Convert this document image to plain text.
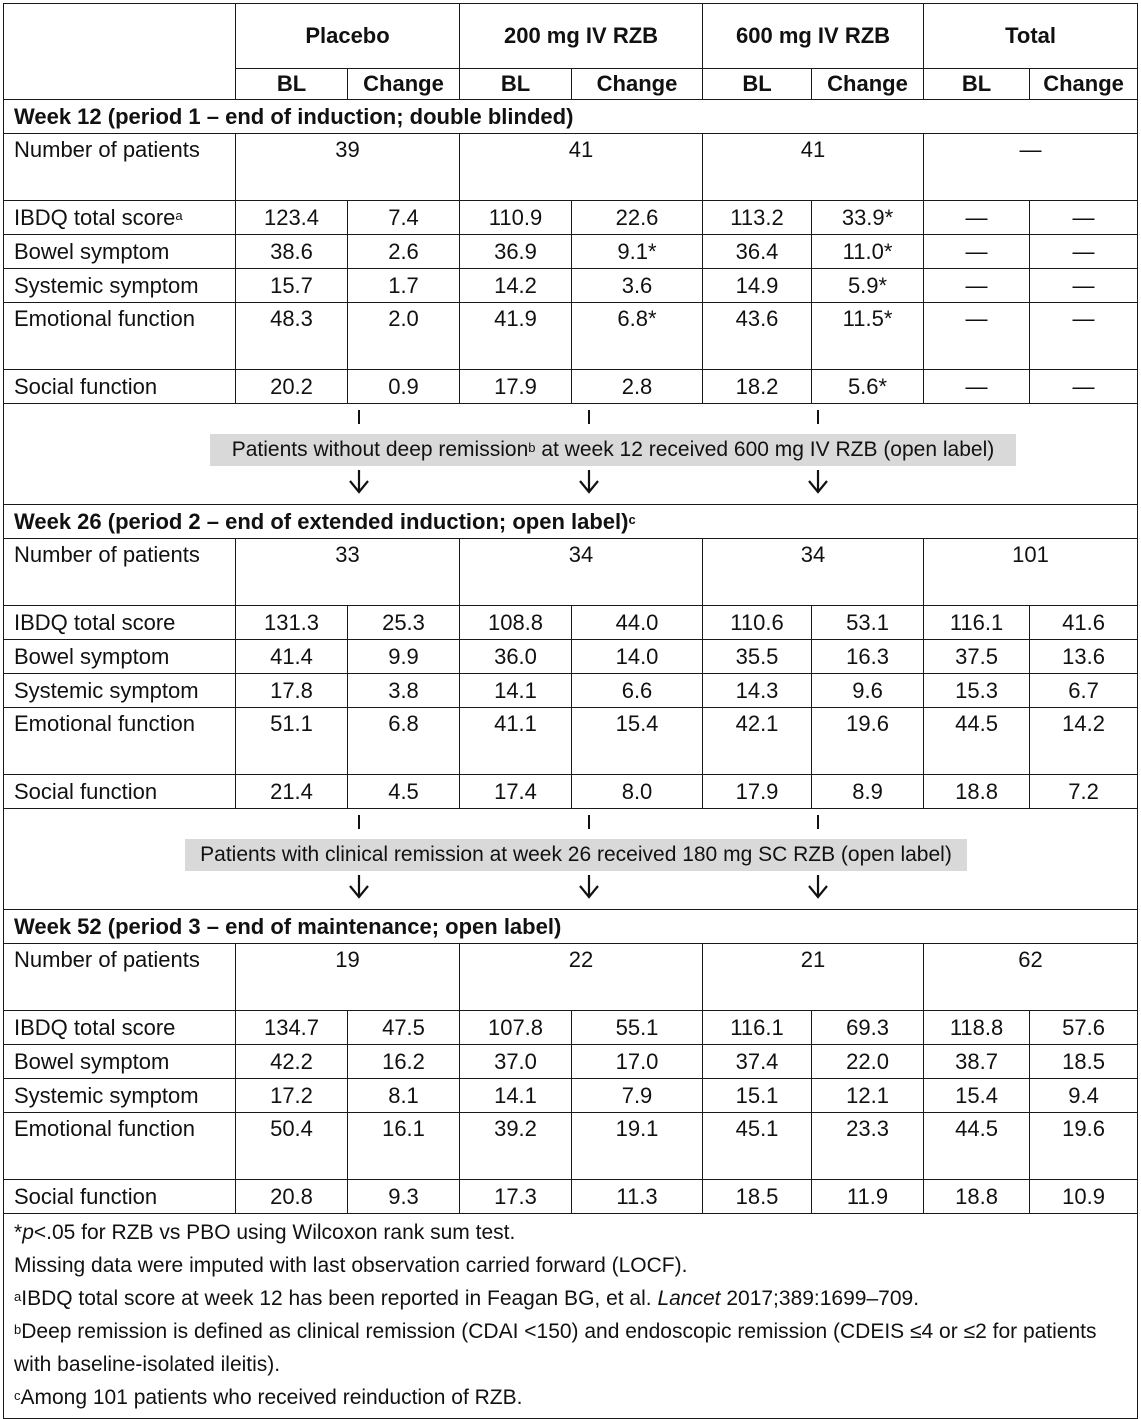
	Placebo		200 mg IV RZB		600 mg IV RZB		Total	
	BL	Change	BL	Change	BL	Change	BL	Change
Week 12 (period 1 – end of induction; double blinded)								
Number of patients	39		41		41		—	
IBDQ total score$^a$	123.4	7.4	110.9	22.6	113.2	33.9*	—	—
Bowel symptom	38.6	2.6	36.9	9.1*	36.4	11.0*	—	—
Systemic symptom	15.7	1.7	14.2	3.6	14.9	5.9*	—	—
Emotional function	48.3	2.0	41.9	6.8*	43.6	11.5*	—	—
Social function	20.2	0.9	17.9	2.8	18.2	5.6*	—	—

Patients without deep remission$^b$ at week 12 received 600 mg IV RZB (open label)								

Week 26 (period 2 – end of extended induction; open label)$^c$
Number of patients	33		34		34		101	
IBDQ total score	131.3	25.3	108.8	44.0	110.6	53.1	116.1	41.6
Bowel symptom	41.4	9.9	36.0	14.0	35.5	16.3	37.5	13.6
Systemic symptom	17.8	3.8	14.1	6.6	14.3	9.6	15.3	6.7
Emotional function	51.1	6.8	41.1	15.4	42.1	19.6	44.5	14.2
Social function	21.4	4.5	17.4	8.0	17.9	8.9	18.8	7.2

Patients with clinical remission at week 26 received 180 mg SC RZB (open label)								

Week 52 (period 3 – end of maintenance; open label)								
Number of patients	19		22		21		62	
IBDQ total score	134.7	47.5	107.8	55.1	116.1	69.3	118.8	57.6
Bowel symptom	42.2	16.2	37.0	17.0	37.4	22.0	38.7	18.5
Systemic symptom	17.2	8.1	14.1	7.9	15.1	12.1	15.4	9.4
Emotional function	50.4	16.1	39.2	19.1	45.1	23.3	44.5	19.6
Social function	20.8	9.3	17.3	11.3	18.5	11.9	18.8	10.9

*p<.05 for RZB vs PBO using Wilcoxon rank sum test.
Missing data were imputed with last observation carried forward (LOCF).
$^a$IBDQ total score at week 12 has been reported in Feagan BG, et al. Lancet 2017;389:1699–709.
$^b$Deep remission is defined as clinical remission (CDAI <150) and endoscopic remission (CDEIS ≤4 or ≤2 for patients with baseline-isolated ileitis).
$^c$Among 101 patients who received reinduction of RZB.								
